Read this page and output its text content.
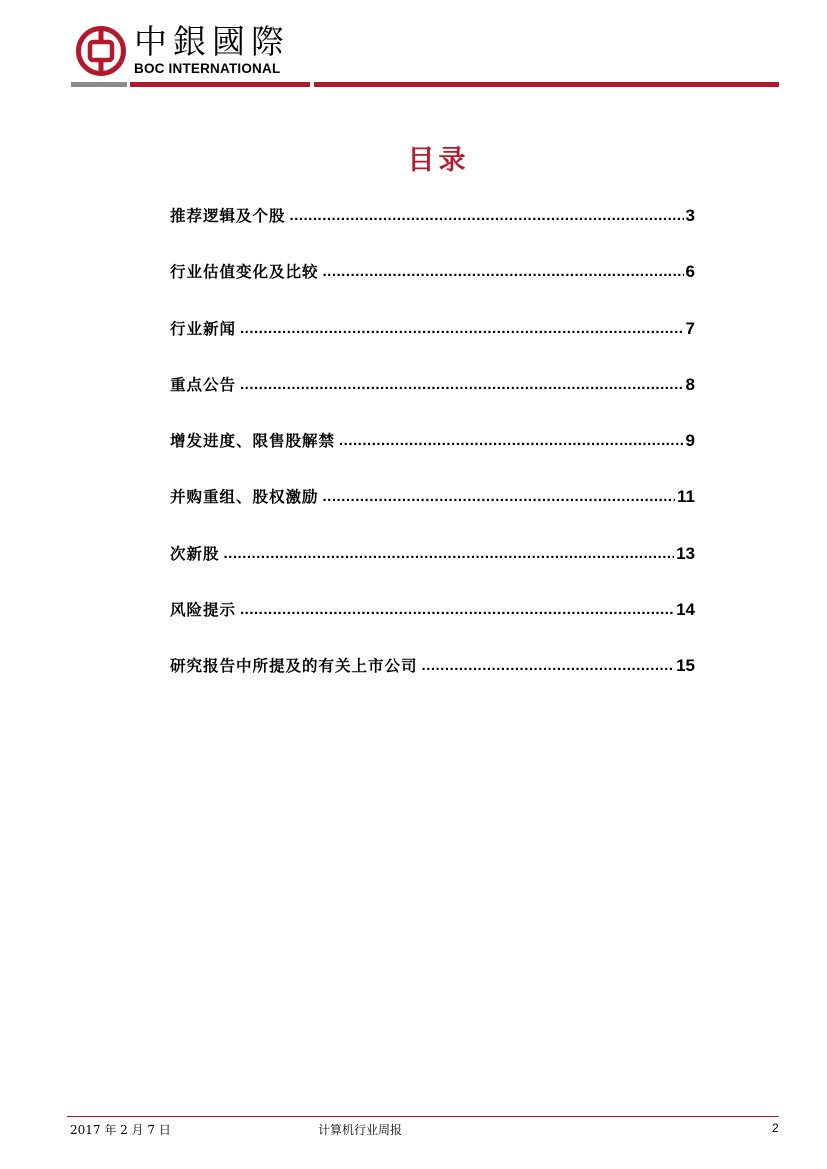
中銀國際
BOC INTERNATIONAL
目录
推荐逻辑及个股 .....	3
行业估值变化及比较 .....	6
行业新闻 .....	7
重点公告 .....	8
增发进度、限售股解禁 .....	9
并购重组、股权激励 .....	11
次新股 .....	13
风险提示 .....	14
研究报告中所提及的有关上市公司 .....	15
2017 年 2 月 7 日	计算机行业周报	2
